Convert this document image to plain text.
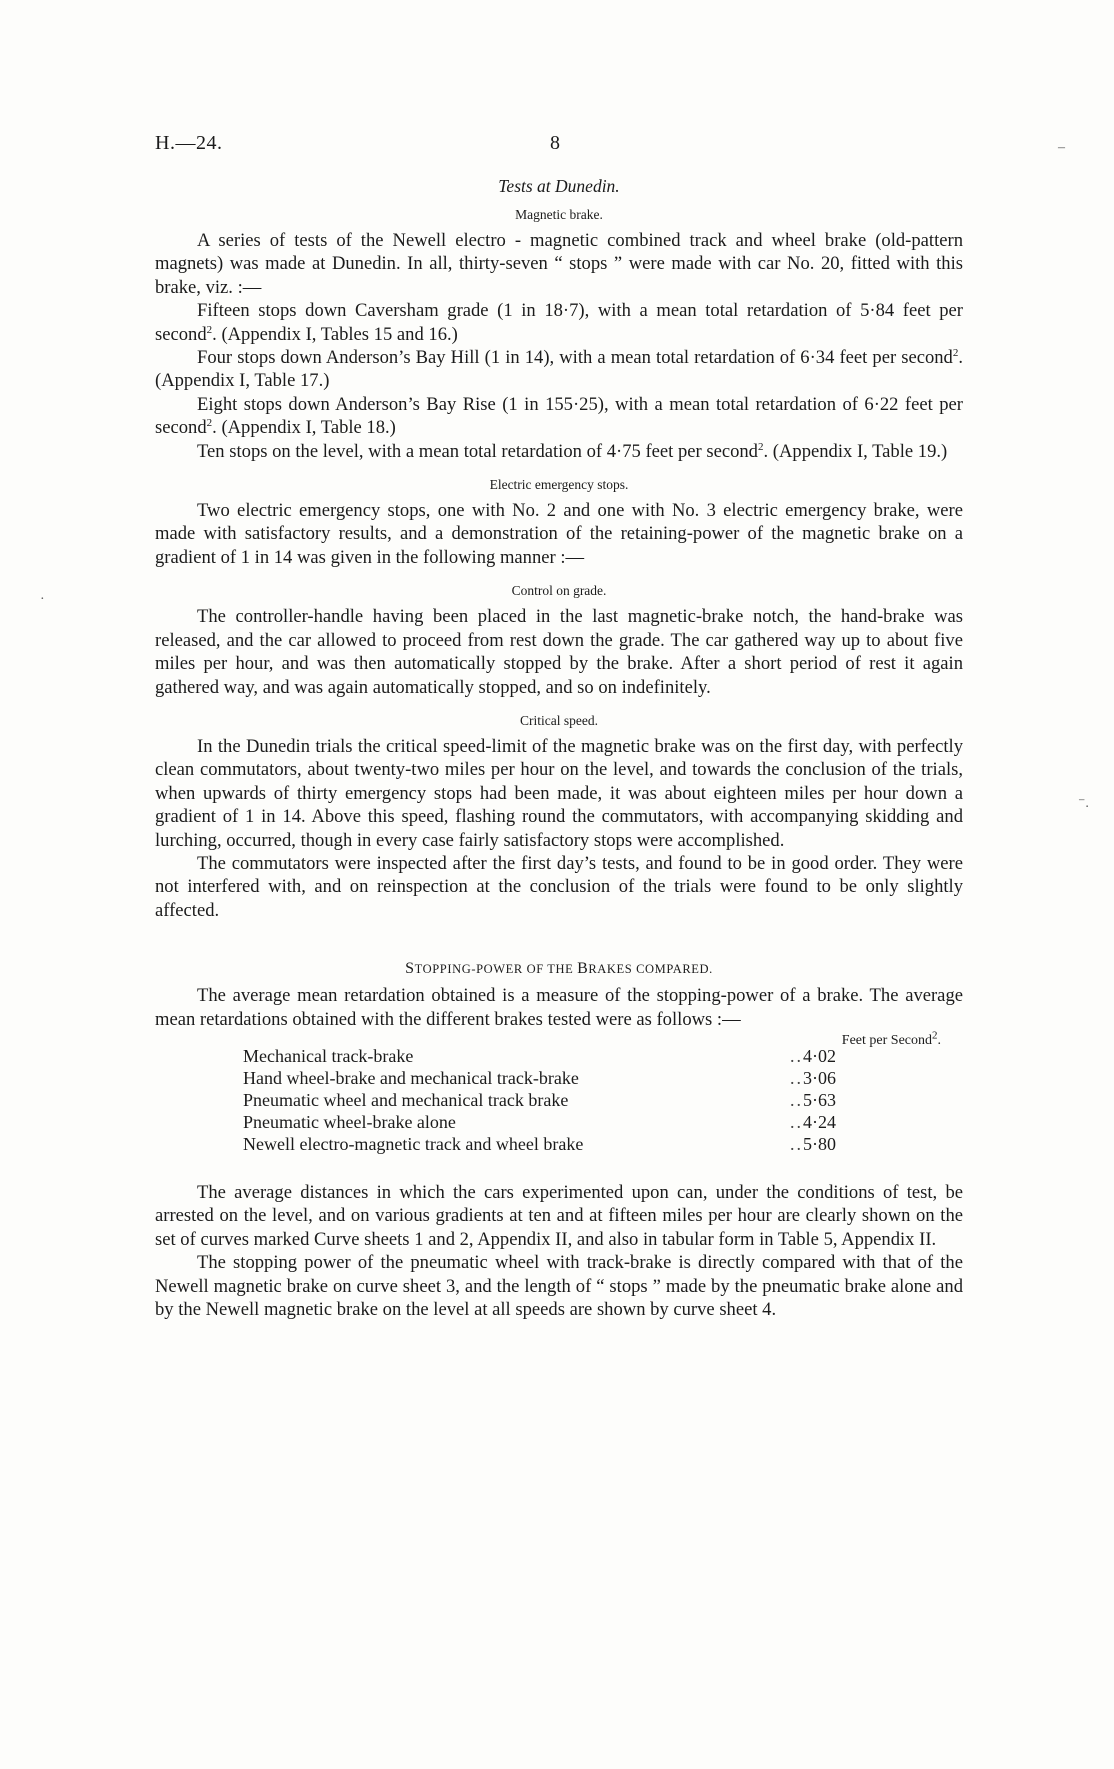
H.—24.	8
Tests at Dunedin.
Magnetic brake.

A series of tests of the Newell electro - magnetic combined track and wheel brake (old-pattern magnets) was made at Dunedin. In all, thirty-seven “ stops ” were made with car No. 20, fitted with this brake, viz. :—

Fifteen stops down Caversham grade (1 in 18·7), with a mean total retardation of 5·84 feet per second$^2$. (Appendix I, Tables 15 and 16.)

Four stops down Anderson’s Bay Hill (1 in 14), with a mean total retardation of 6·34 feet per second$^2$. (Appendix I, Table 17.)

Eight stops down Anderson’s Bay Rise (1 in 155·25), with a mean total retardation of 6·22 feet per second$^2$. (Appendix I, Table 18.)

Ten stops on the level, with a mean total retardation of 4·75 feet per second$^2$. (Appendix I, Table 19.)

Electric emergency stops.

Two electric emergency stops, one with No. 2 and one with No. 3 electric emergency brake, were made with satisfactory results, and a demonstration of the retaining-power of the magnetic brake on a gradient of 1 in 14 was given in the following manner :—

Control on grade.

The controller-handle having been placed in the last magnetic-brake notch, the hand-brake was released, and the car allowed to proceed from rest down the grade. The car gathered way up to about five miles per hour, and was then automatically stopped by the brake. After a short period of rest it again gathered way, and was again automatically stopped, and so on indefinitely.

Critical speed.

In the Dunedin trials the critical speed-limit of the magnetic brake was on the first day, with perfectly clean commutators, about twenty-two miles per hour on the level, and towards the conclusion of the trials, when upwards of thirty emergency stops had been made, it was about eighteen miles per hour down a gradient of 1 in 14. Above this speed, flashing round the commutators, with accompanying skidding and lurching, occurred, though in every case fairly satisfactory stops were accomplished.

The commutators were inspected after the first day’s tests, and found to be in good order. They were not interfered with, and on reinspection at the conclusion of the trials were found to be only slightly affected.

STOPPING-POWER OF THE BRAKES COMPARED.

The average mean retardation obtained is a measure of the stopping-power of a brake. The average mean retardations obtained with the different brakes tested were as follows :—

Feet per Second$^2$.
Mechanical track-brake	..	4·02
Hand wheel-brake and mechanical track-brake	..	3·06
Pneumatic wheel and mechanical track brake	..	5·63
Pneumatic wheel-brake alone	..	4·24
Newell electro-magnetic track and wheel brake	..	5·80

The average distances in which the cars experimented upon can, under the conditions of test, be arrested on the level, and on various gradients at ten and at fifteen miles per hour are clearly shown on the set of curves marked Curve sheets 1 and 2, Appendix II, and also in tabular form in Table 5, Appendix II.

The stopping power of the pneumatic wheel with track-brake is directly compared with that of the Newell magnetic brake on curve sheet 3, and the length of “ stops ” made by the pneumatic brake alone and by the Newell magnetic brake on the level at all speeds are shown by curve sheet 4.

–
·
⁻.
